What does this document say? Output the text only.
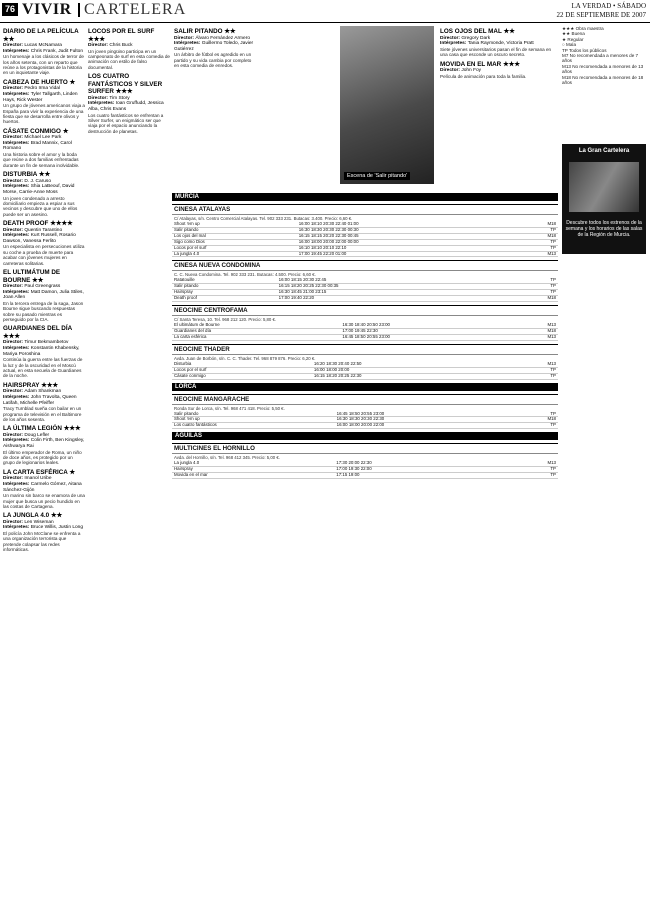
76 VIVIR CARTELERA	LA VERDAD • SÁBADO
22 DE SEPTIEMBRE DE 2007
DIARIO DE LA PELÍCULA ★★
Director: Lucas McNamara
Intérpretes: Chris Frank, Judit Fulton
Un homenaje a los clásicos de terror de los años setenta, con un reparto que reúne a los protagonistas de la historia en un inquietante viaje.
CABEZA DE HUERTO ★
Director: Pedro Irma Vidal
Intérpretes: Tyler Tallgarth, Linden Hays, Rick Wester
Un grupo de jóvenes americanos viaja a España para vivir la experiencia de una fiesta que se desarrolla entre olivos y huertos.
CÁSATE CONMIGO ★
Director: Michael Lee Park
Intérpretes: Brad Mannix, Carol Romano
Una historia sobre el amor y la boda que reúne a dos familias enfrentadas durante un fin de semana inolvidable.
DISTURBIA ★★
Director: D. J. Caruso
Intérpretes: Shia LaBeouf, David Morse, Carrie-Anne Moss
Un joven condenado a arresto domiciliario empieza a espiar a sus vecinos y descubre que uno de ellos puede ser un asesino.
DEATH PROOF ★★★★
Director: Quentin Tarantino
Intérpretes: Kurt Russell, Rosario Dawson, Vanessa Ferlito
Un especialista en persecuciones utiliza su coche a prueba de muerte para acabar con jóvenes mujeres en carreteras solitarias.
EL ULTIMÁTUM DE BOURNE ★★
Director: Paul Greengrass
Intérpretes: Matt Damon, Julia Stiles, Joan Allen
En la tercera entrega de la saga, Jason Bourne sigue buscando respuestas sobre su pasado mientras es perseguido por la CIA.
GUARDIANES DEL DÍA ★★★
Director: Timur Bekmambetov
Intérpretes: Konstantin Khabensky, Mariya Poroshina
Continúa la guerra entre las fuerzas de la luz y de la oscuridad en el Moscú actual, en esta secuela de Guardianes de la noche.
HAIRSPRAY ★★★
Director: Adam Shankman
Intérpretes: John Travolta, Queen Latifah, Michelle Pfeiffer
Tracy Turnblad sueña con bailar en un programa de televisión en el Baltimore de los años sesenta.
LA ÚLTIMA LEGIÓN ★★★
Director: Doug Lefler
Intérpretes: Colin Firth, Ben Kingsley, Aishwarya Rai
El último emperador de Roma, un niño de doce años, es protegido por un grupo de legionarios leales.
LA CARTA ESFÉRICA ★
Director: Imanol Uribe
Intérpretes: Carmelo Gómez, Aitana Sánchez-Gijón
Un marino sin barco se enamora de una mujer que busca un pecio hundido en las costas de Cartagena.
LA JUNGLA 4.0 ★★
Director: Len Wiseman
Intérpretes: Bruce Willis, Justin Long
El policía John McClane se enfrenta a una organización terrorista que pretende colapsar las redes informáticas.
LOCOS POR EL SURF ★★★
Director: Chris Buck
Un joven pingüino participa en un campeonato de surf en esta comedia de animación con estilo de falso documental.
LOS CUATRO FANTÁSTICOS Y SILVER SURFER ★★★
Director: Tim Story
Intérpretes: Ioan Gruffudd, Jessica Alba, Chris Evans
Los cuatro fantásticos se enfrentan a Silver Surfer, un enigmático ser que viaja por el espacio anunciando la destrucción de planetas.
SALIR PITANDO ★★
Director: Álvaro Fernández Armero
Intérpretes: Guillermo Toledo, Javier Gutiérrez
Un árbitro de fútbol es agredido en un partido y su vida cambia por completo en esta comedia de enredos.
Escena de 'Salir pitando'
LOS OJOS DEL MAL ★★
Director: Gregory Dark
Intérpretes: Tania Raymonde, Victoria Pratt
Siete jóvenes universitarios pasan el fin de semana en una casa que esconde un oscuro secreto.
MOVIDA EN EL MAR ★★★
Director: John Foy
Película de animación para toda la familia.
★★★ Obra maestra
★★ Buena
★ Regular
○ Mala
TP Todos los públicos
M7 No recomendada a menores de 7 años
M13 No recomendada a menores de 13 años
M18 No recomendada a menores de 18 años
La Gran Cartelera
Descubre todos los estrenos de la semana y los horarios de las salas de la Región de Murcia.
MURCIA
CINESA ATALAYAS
C/ Atalayas, s/n. Centro Comercial Atalayas. Tel. 902 333 231. Butacas: 3.400. Precio: 6,60 €.
Shoot 'em up	16:00 18:10 20:30 22:40 01:00	M18
Salir pitando	16:30 18:30 20:30 22:30 00:30	TP
Los ojos del mal	16:15 18:15 20:20 22:30 00:45	M18
Sigo como Dios	16:00 18:00 20:00 22:00 00:00	TP
Locos por el surf	16:10 18:10 20:10 22:10	TP
La jungla 4.0	17:00 19:45 22:20 01:00	M13
CINESA NUEVA CONDOMINA
C. C. Nueva Condomina. Tel. 902 333 231. Butacas: 4.500. Precio: 6,60 €.
Ratatouille	16:00 18:15 20:30 22:45	TP
Salir pitando	16:15 18:20 20:25 22:30 00:35	TP
Hairspray	16:30 18:45 21:00 23:15	TP
Death proof	17:00 19:40 22:20	M18
NEOCINE CENTROFAMA
C/ Santa Teresa, 10. Tel. 968 212 120. Precio: 5,80 €.
El ultimátum de Bourne	16:30 18:40 20:50 23:00	M13
Guardianes del día	17:00 19:45 22:30	M18
La carta esférica	16:45 18:50 20:55 23:00	M13
NEOCINE THADER
Avda. Juan de Borbón, s/n. C. C. Thader. Tel. 968 879 876. Precio: 6,20 €.
Disturbia	16:20 18:30 20:40 22:50	M13
Locos por el surf	16:00 18:00 20:00	TP
Cásate conmigo	16:15 18:20 20:25 22:30	TP
LORCA
NEOCINE MANGARACHE
Ronda Sur de Lorca, s/n. Tel. 968 471 418. Precio: 5,50 €.
Salir pitando	16:45 18:50 20:55 23:00	TP
Shoot 'em up	16:30 18:30 20:30 22:30	M18
Los cuatro fantásticos	16:00 18:00 20:00 22:00	TP
ÁGUILAS
MULTICINES EL HORNILLO
Avda. del Hornillo, s/n. Tel. 968 412 345. Precio: 5,00 €.
La jungla 4.0	17:30 20:00 22:30	M13
Hairspray	17:00 19:30 22:00	TP
Movida en el mar	17:15 19:00	TP
